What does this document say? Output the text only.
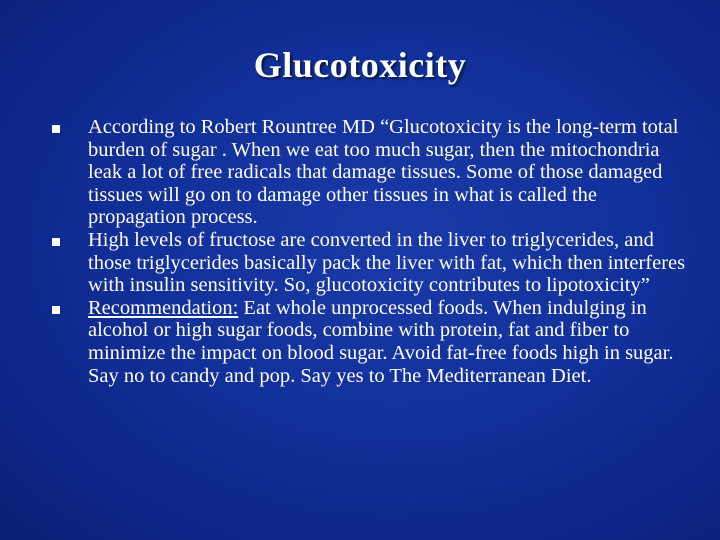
Glucotoxicity
According to Robert Rountree MD “Glucotoxicity is the long-term total burden of sugar . When we eat too much sugar, then the mitochondria leak a lot of free radicals that damage tissues. Some of those damaged tissues will go on to damage other tissues in what is called the propagation process.
High levels of fructose are converted in the liver to triglycerides, and those triglycerides basically pack the liver with fat, which then interferes with insulin sensitivity. So, glucotoxicity contributes to lipotoxicity”
Recommendation: Eat whole unprocessed foods. When indulging in alcohol or high sugar foods, combine with protein, fat and fiber to minimize the impact on blood sugar. Avoid fat-free foods high in sugar. Say no to candy and pop. Say yes to The Mediterranean Diet.
